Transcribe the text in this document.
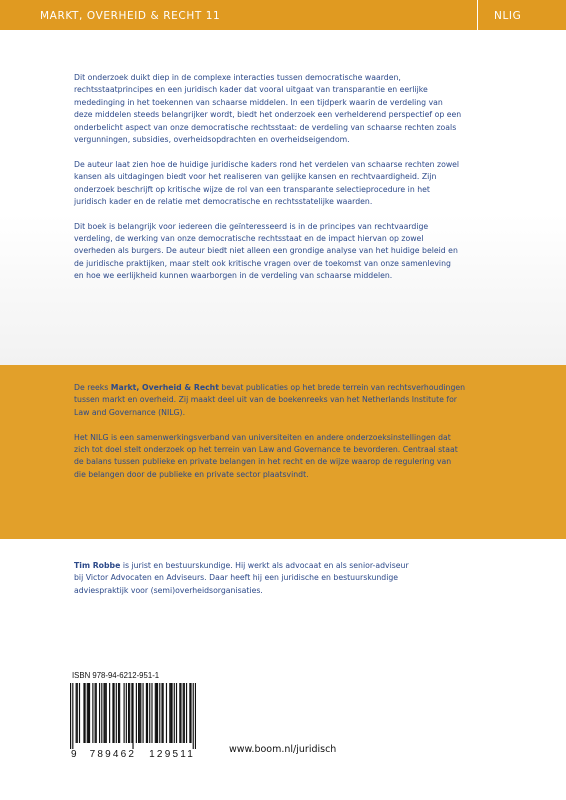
MARKT, OVERHEID & RECHT 11	NLIG

Dit onderzoek duikt diep in de complexe interacties tussen democratische waarden,
rechtsstaatprincipes en een juridisch kader dat vooral uitgaat van transparantie en eerlijke
mededinging in het toekennen van schaarse middelen. In een tijdperk waarin de verdeling van
deze middelen steeds belangrijker wordt, biedt het onderzoek een verhelderend perspectief op een
onderbelicht aspect van onze democratische rechtsstaat: de verdeling van schaarse rechten zoals
vergunningen, subsidies, overheidsopdrachten en overheidseigendom.

De auteur laat zien hoe de huidige juridische kaders rond het verdelen van schaarse rechten zowel
kansen als uitdagingen biedt voor het realiseren van gelijke kansen en rechtvaardigheid. Zijn
onderzoek beschrijft op kritische wijze de rol van een transparante selectieprocedure in het
juridisch kader en de relatie met democratische en rechtsstatelijke waarden.

Dit boek is belangrijk voor iedereen die geïnteresseerd is in de principes van rechtvaardige
verdeling, de werking van onze democratische rechtsstaat en de impact hiervan op zowel
overheden als burgers. De auteur biedt niet alleen een grondige analyse van het huidige beleid en
de juridische praktijken, maar stelt ook kritische vragen over de toekomst van onze samenleving
en hoe we eerlijkheid kunnen waarborgen in de verdeling van schaarse middelen.

De reeks Markt, Overheid & Recht bevat publicaties op het brede terrein van rechtsverhoudingen
tussen markt en overheid. Zij maakt deel uit van de boekenreeks van het Netherlands Institute for
Law and Governance (NILG).

Het NILG is een samenwerkingsverband van universiteiten en andere onderzoeksinstellingen dat
zich tot doel stelt onderzoek op het terrein van Law and Governance te bevorderen. Centraal staat
de balans tussen publieke en private belangen in het recht en de wijze waarop de regulering van
die belangen door de publieke en private sector plaatsvindt.

Tim Robbe is jurist en bestuurskundige. Hij werkt als advocaat en als senior-adviseur
bij Victor Advocaten en Adviseurs. Daar heeft hij een juridische en bestuurskundige
adviespraktijk voor (semi)overheidsorganisaties.

ISBN 978-94-6212-951-1
9 789462 129511	www.boom.nl/juridisch
